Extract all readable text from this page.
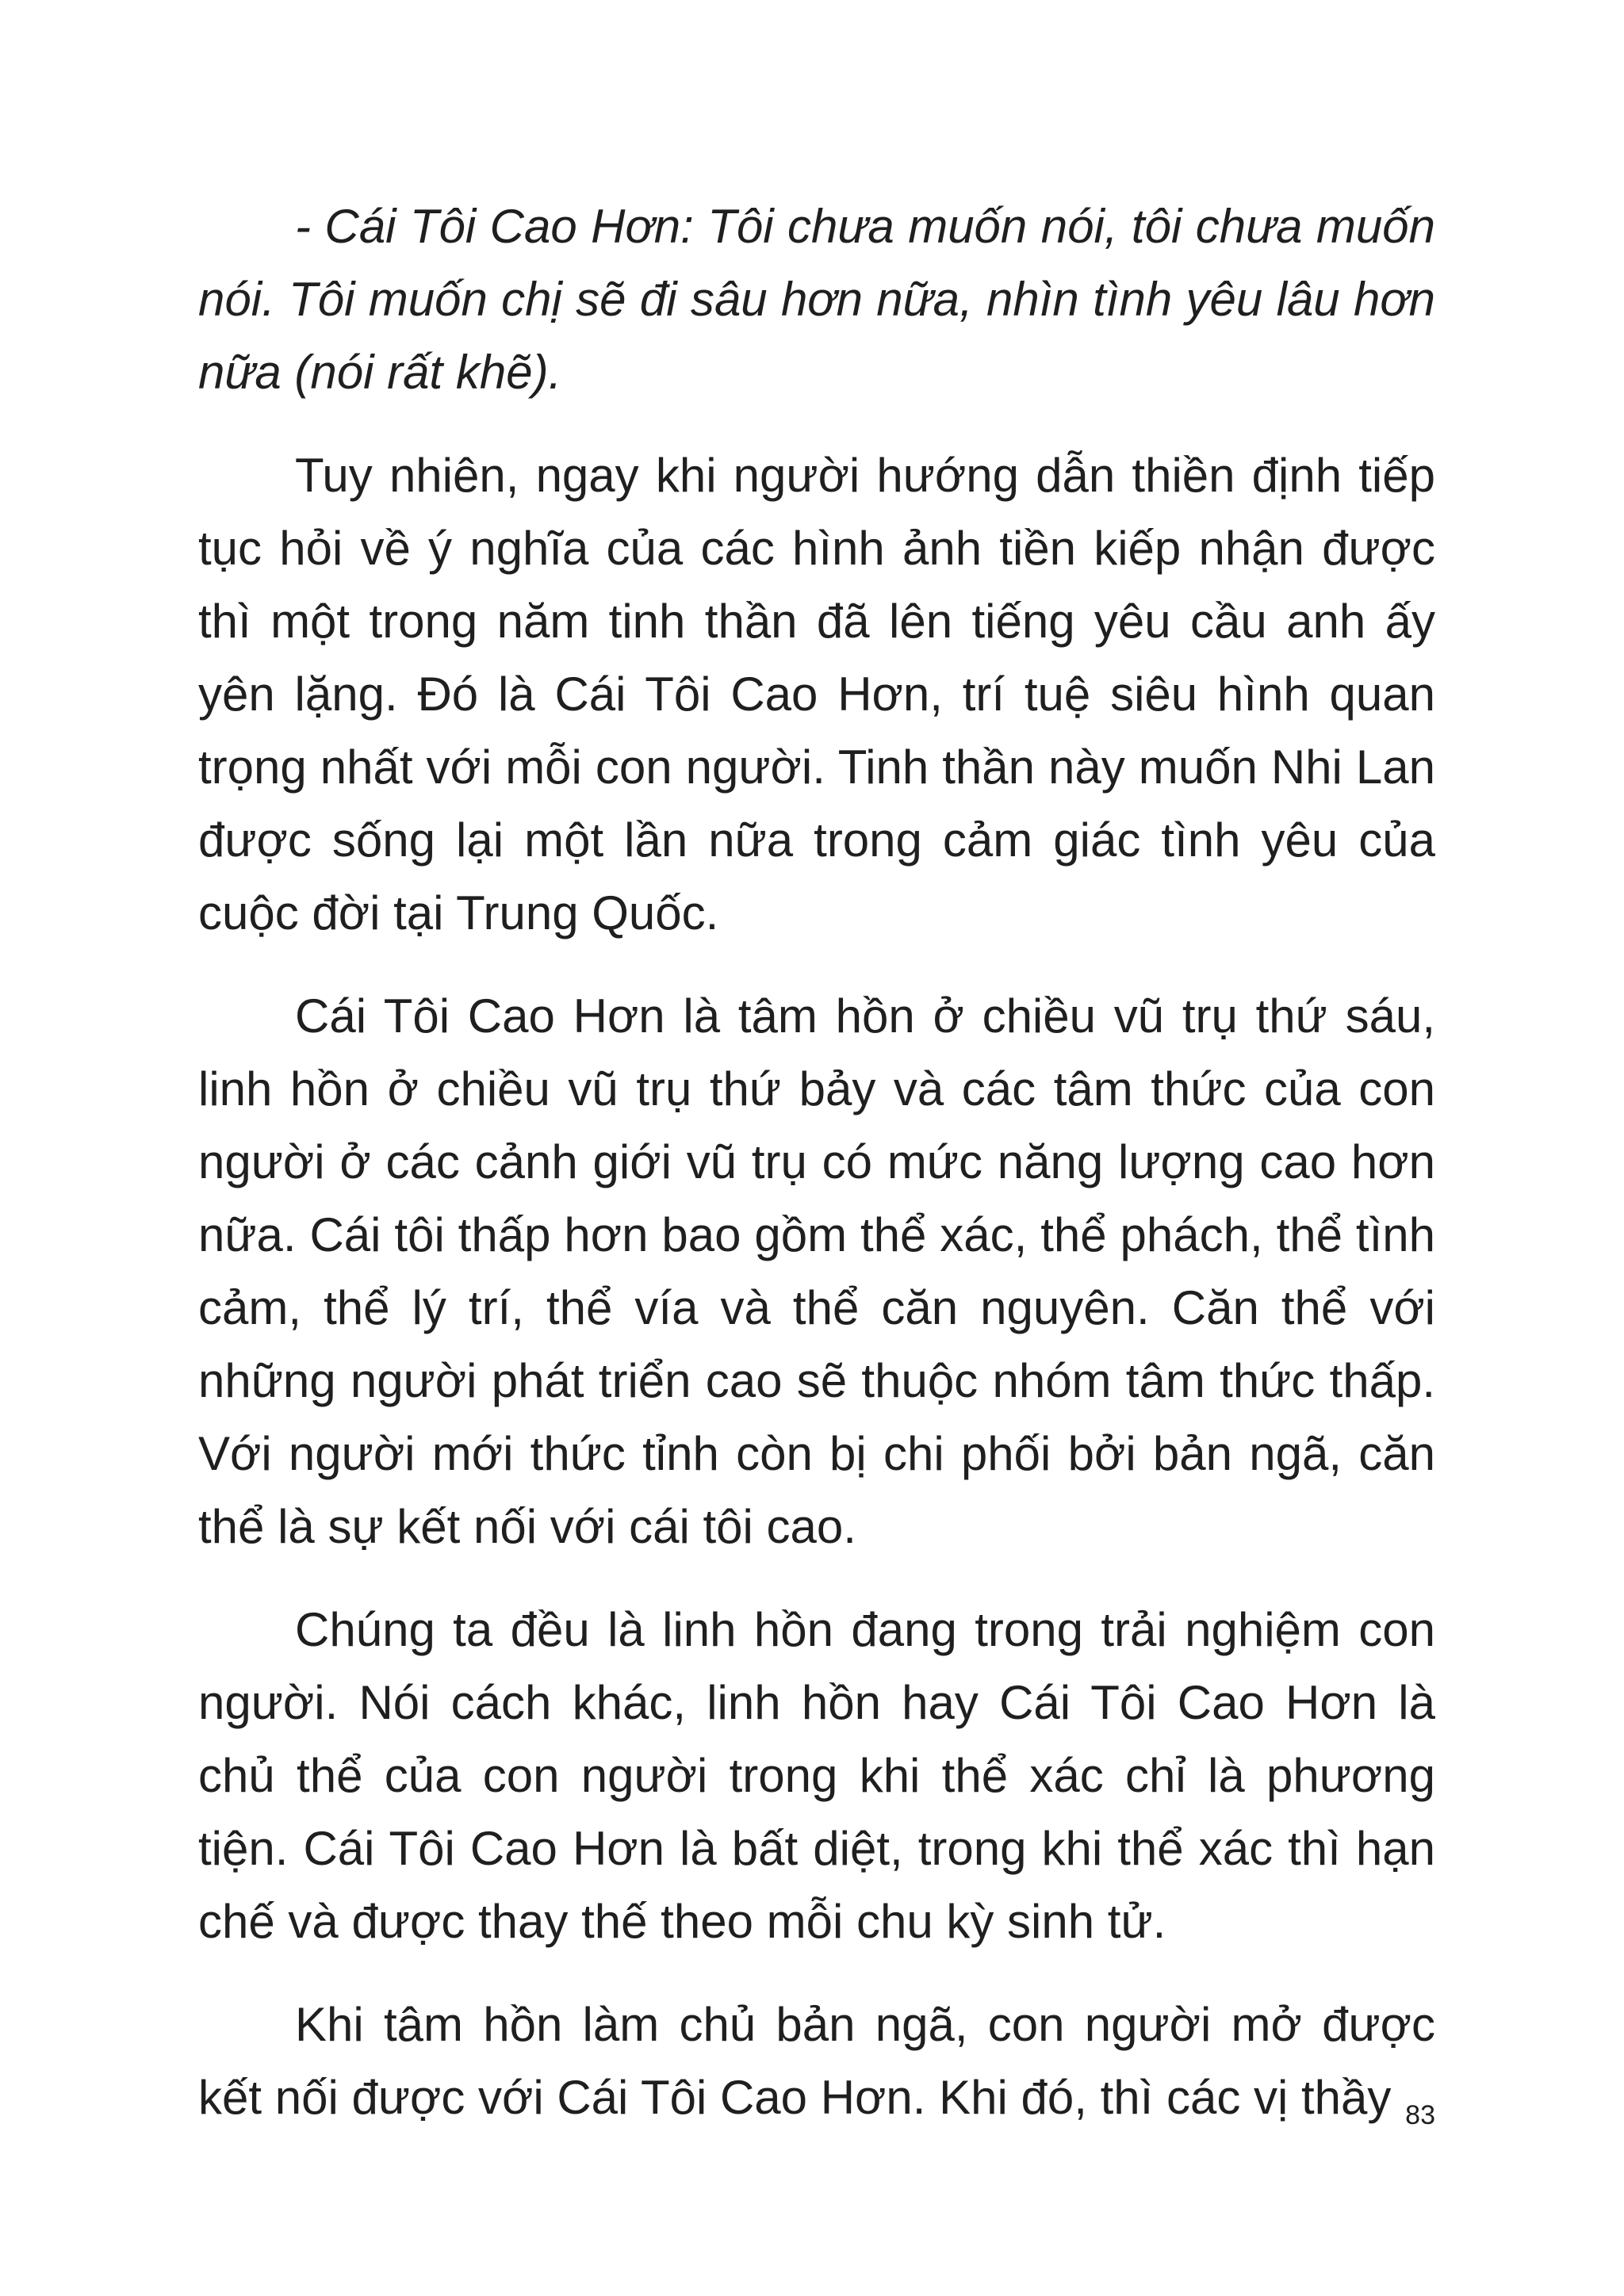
- Cái Tôi Cao Hơn: Tôi chưa muốn nói, tôi chưa muốn nói. Tôi muốn chị sẽ đi sâu hơn nữa, nhìn tình yêu lâu hơn nữa (nói rất khẽ).

Tuy nhiên, ngay khi người hướng dẫn thiền định tiếp tục hỏi về ý nghĩa của các hình ảnh tiền kiếp nhận được thì một trong năm tinh thần đã lên tiếng yêu cầu anh ấy yên lặng. Đó là Cái Tôi Cao Hơn, trí tuệ siêu hình quan trọng nhất với mỗi con người. Tinh thần này muốn Nhi Lan được sống lại một lần nữa trong cảm giác tình yêu của cuộc đời tại Trung Quốc.

Cái Tôi Cao Hơn là tâm hồn ở chiều vũ trụ thứ sáu, linh hồn ở chiều vũ trụ thứ bảy và các tâm thức của con người ở các cảnh giới vũ trụ có mức năng lượng cao hơn nữa. Cái tôi thấp hơn bao gồm thể xác, thể phách, thể tình cảm, thể lý trí, thể vía và thể căn nguyên. Căn thể với những người phát triển cao sẽ thuộc nhóm tâm thức thấp. Với người mới thức tỉnh còn bị chi phối bởi bản ngã, căn thể là sự kết nối với cái tôi cao.

Chúng ta đều là linh hồn đang trong trải nghiệm con người. Nói cách khác, linh hồn hay Cái Tôi Cao Hơn là chủ thể của con người trong khi thể xác chỉ là phương tiện. Cái Tôi Cao Hơn là bất diệt, trong khi thể xác thì hạn chế và được thay thế theo mỗi chu kỳ sinh tử.

Khi tâm hồn làm chủ bản ngã, con người mở được kết nối được với Cái Tôi Cao Hơn. Khi đó, thì các vị thầy 83
